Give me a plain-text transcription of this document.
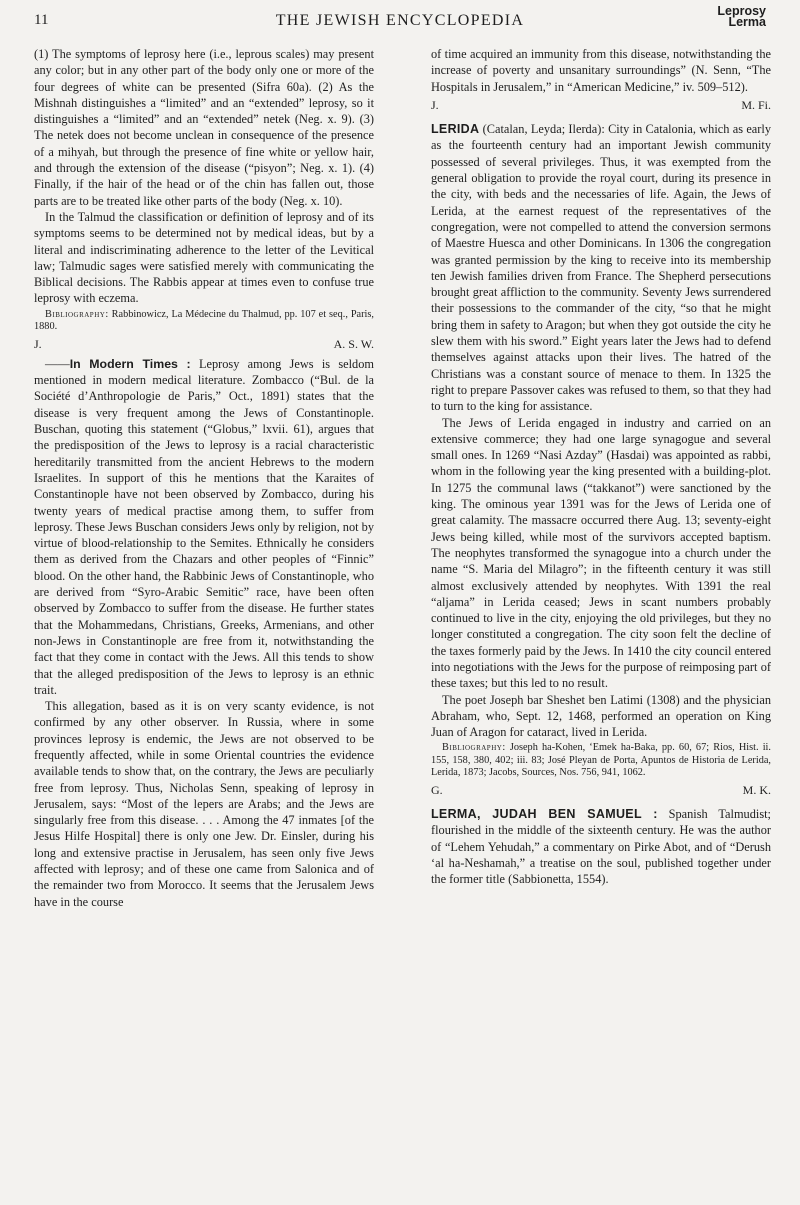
11	THE JEWISH ENCYCLOPEDIA
Leprosy
Lerma

(1) The symptoms of leprosy here (i.e., leprous scales) may present any color; but in any other part of the body only one or more of the four degrees of white can be presented (Sifra 60a). (2) As the Mishnah distinguishes a “limited” and an “extended” leprosy, so it distinguishes a “limited” and an “extended” netek (Neg. x. 9). (3) The netek does not become unclean in consequence of the presence of a mihyah, but through the presence of fine white or yellow hair, and through the extension of the disease (“pisyon”; Neg. x. 1). (4) Finally, if the hair of the head or of the chin has fallen out, those parts are to be treated like other parts of the body (Neg. x. 10).

In the Talmud the classification or definition of leprosy and of its symptoms seems to be determined not by medical ideas, but by a literal and indiscriminating adherence to the letter of the Levitical law; Talmudic sages were satisfied merely with communicating the Biblical decisions. The Rabbis appear at times even to confuse true leprosy with eczema.

Bibliography: Rabbinowicz, La Médecine du Thalmud, pp. 107 et seq., Paris, 1880.
J.	A. S. W.

——In Modern Times : Leprosy among Jews is seldom mentioned in modern medical literature. Zombacco (“Bul. de la Société d’Anthropologie de Paris,” Oct., 1891) states that the disease is very frequent among the Jews of Constantinople. Buschan, quoting this statement (“Globus,” lxvii. 61), argues that the predisposition of the Jews to leprosy is a racial characteristic hereditarily transmitted from the ancient Hebrews to the modern Israelites. In support of this he mentions that the Karaites of Constantinople have not been observed by Zombacco, during his twenty years of medical practise among them, to suffer from leprosy. These Jews Buschan considers Jews only by religion, not by virtue of blood-relationship to the Semites. Ethnically he considers them as derived from the Chazars and other peoples of “Finnic” blood. On the other hand, the Rabbinic Jews of Constantinople, who are derived from “Syro-Arabic Semitic” race, have been often observed by Zombacco to suffer from the disease. He further states that the Mohammedans, Christians, Greeks, Armenians, and other non-Jews in Constantinople are free from it, notwithstanding the fact that they come in contact with the Jews. All this tends to show that the alleged predisposition of the Jews to leprosy is an ethnic trait.

This allegation, based as it is on very scanty evidence, is not confirmed by any other observer. In Russia, where in some provinces leprosy is endemic, the Jews are not observed to be frequently affected, while in some Oriental countries the evidence available tends to show that, on the contrary, the Jews are peculiarly free from leprosy. Thus, Nicholas Senn, speaking of leprosy in Jerusalem, says: “Most of the lepers are Arabs; and the Jews are singularly free from this disease. . . . Among the 47 inmates [of the Jesus Hilfe Hospital] there is only one Jew. Dr. Einsler, during his long and extensive practise in Jerusalem, has seen only five Jews affected with leprosy; and of these one came from Salonica and of the remainder two from Morocco. It seems that the Jerusalem Jews have in the course

of time acquired an immunity from this disease, notwithstanding the increase of poverty and unsanitary surroundings” (N. Senn, “The Hospitals in Jerusalem,” in “American Medicine,” iv. 509–512).

J.	M. Fi.

LERIDA (Catalan, Leyda; Ilerda): City in Catalonia, which as early as the fourteenth century had an important Jewish community possessed of several privileges. Thus, it was exempted from the general obligation to provide the royal court, during its presence in the city, with beds and the necessaries of life. Again, the Jews of Lerida, at the earnest request of the representatives of the congregation, were not compelled to attend the conversion sermons of Maestre Huesca and other Dominicans. In 1306 the congregation was granted permission by the king to receive into its membership ten Jewish families driven from France. The Shepherd persecutions brought great affliction to the community. Seventy Jews surrendered their possessions to the commander of the city, “so that he might bring them in safety to Aragon; but when they got outside the city he slew them with his sword.” Eight years later the Jews had to defend themselves against attacks upon their lives. The hatred of the Christians was a constant source of menace to them. In 1325 the right to prepare Passover cakes was refused to them, so that they had to turn to the king for assistance.

The Jews of Lerida engaged in industry and carried on an extensive commerce; they had one large synagogue and several small ones. In 1269 “Nasi Azday” (Hasdai) was appointed as rabbi, whom in the following year the king presented with a building-plot. In 1275 the communal laws (“takkanot”) were sanctioned by the king. The ominous year 1391 was for the Jews of Lerida one of great calamity. The massacre occurred there Aug. 13; seventy-eight Jews being killed, while most of the survivors accepted baptism. The neophytes transformed the synagogue into a church under the name “S. Maria del Milagro”; in the fifteenth century it was still almost exclusively attended by neophytes. With 1391 the real “aljama” in Lerida ceased; Jews in scant numbers probably continued to live in the city, enjoying the old privileges, but they no longer constituted a congregation. The city soon felt the decline of the taxes formerly paid by the Jews. In 1410 the city council entered into negotiations with the Jews for the purpose of reimposing part of these taxes; but this led to no result.

The poet Joseph bar Sheshet ben Latimi (1308) and the physician Abraham, who, Sept. 12, 1468, performed an operation on King Juan of Aragon for cataract, lived in Lerida.

Bibliography: Joseph ha-Kohen, ‘Emek ha-Baka, pp. 60, 67; Rios, Hist. ii. 155, 158, 380, 402; iii. 83; José Pleyan de Porta, Apuntos de Historia de Lerida, Lerida, 1873; Jacobs, Sources, Nos. 756, 941, 1062.
G.	M. K.

LERMA, JUDAH BEN SAMUEL : Spanish Talmudist; flourished in the middle of the sixteenth century. He was the author of “Lehem Yehudah,” a commentary on Pirke Abot, and of “Derush ‘al ha-Neshamah,” a treatise on the soul, published together under the former title (Sabbionetta, 1554).
